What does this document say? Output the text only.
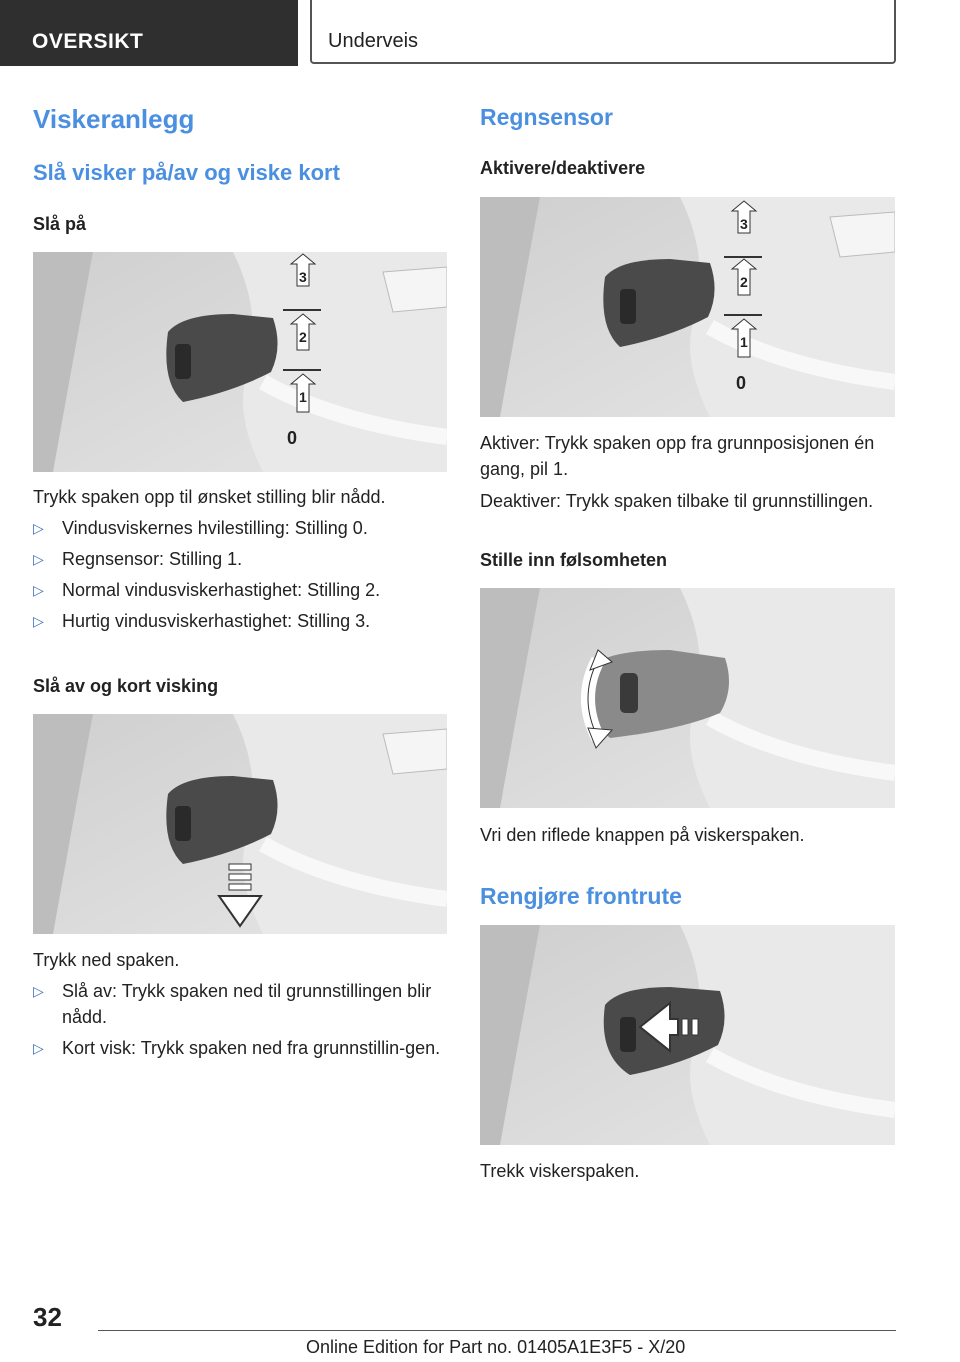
OVERSIKT	Underveis
Viskeranlegg
Slå visker på/av og viske kort
Slå på
3
2
1
0
Trykk spaken opp til ønsket stilling blir nådd.
▷ Vindusviskernes hvilestilling: Stilling 0.
▷ Regnsensor: Stilling 1.
▷ Normal vindusviskerhastighet: Stilling 2.
▷ Hurtig vindusviskerhastighet: Stilling 3.
Slå av og kort visking
Trykk ned spaken.
▷ Slå av: Trykk spaken ned til grunnstillingen blir nådd.
▷ Kort visk: Trykk spaken ned fra grunnstillin-gen.
Regnsensor
Aktivere/deaktivere
3
2
1
0
Aktiver: Trykk spaken opp fra grunnposisjonen én gang, pil 1.
Deaktiver: Trykk spaken tilbake til grunnstillingen.
Stille inn følsomheten
Vri den riflede knappen på viskerspaken.
Rengjøre frontrute
Trekk viskerspaken.
32
Online Edition for Part no. 01405A1E3F5 - X/20
